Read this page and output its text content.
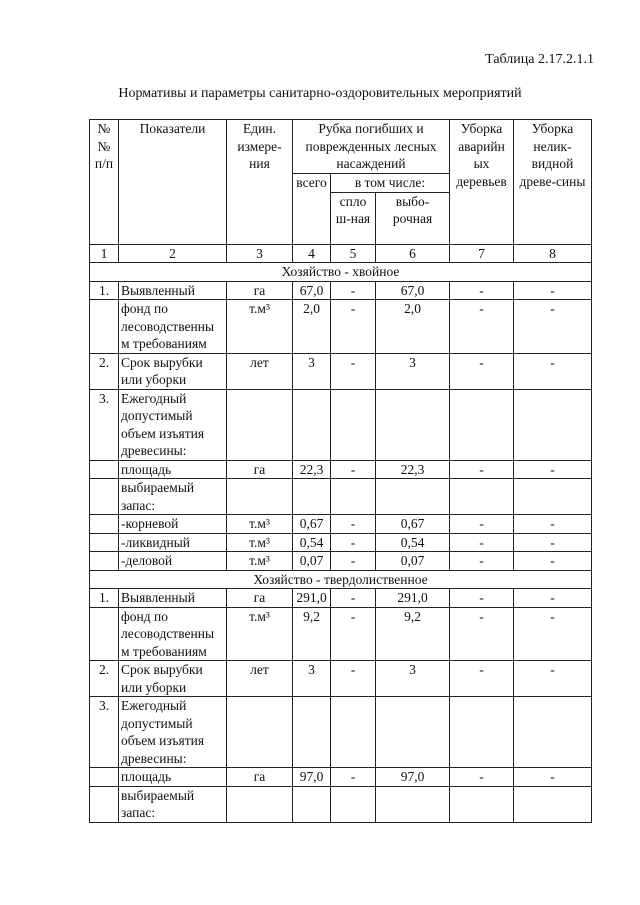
Таблица 2.17.2.1.1
Нормативы и параметры санитарно-оздоровительных мероприятий
№ № п/п	Показатели	Един. измере-ния	Рубка погибших и поврежденных лесных насаждений			Уборка аварийн ых деревьев	Уборка нелик-видной древе-сины
			всего	в том числе:			
				спло ш-ная	выбо-рочная		
1	2	3	4	5	6	7	8
Хозяйство - хвойное							
1.	Выявленный	га	67,0	-	67,0	-	-
	фонд по лесоводственны м требованиям	т.м³	2,0	-	2,0	-	-
2.	Срок вырубки или уборки	лет	3	-	3	-	-
3.	Ежегодный допустимый объем изъятия древесины:						
	площадь	га	22,3	-	22,3	-	-
	выбираемый запас:						
	-корневой	т.м³	0,67	-	0,67	-	-
	-ликвидный	т.м³	0,54	-	0,54	-	-
	-деловой	т.м³	0,07	-	0,07	-	-
Хозяйство - твердолиственное							
1.	Выявленный	га	291,0	-	291,0	-	-
	фонд по лесоводственны м требованиям	т.м³	9,2	-	9,2	-	-
2.	Срок вырубки или уборки	лет	3	-	3	-	-
3.	Ежегодный допустимый объем изъятия древесины:						
	площадь	га	97,0	-	97,0	-	-
	выбираемый запас:						
